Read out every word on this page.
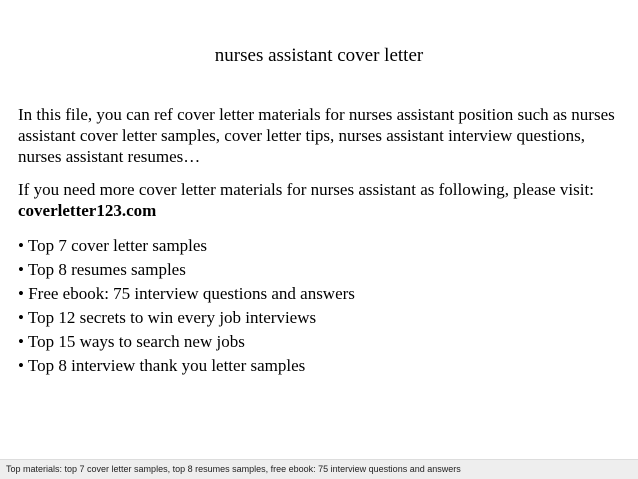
nurses assistant cover letter

In this file, you can ref cover letter materials for nurses assistant position such as nurses assistant cover letter samples, cover letter tips, nurses assistant interview questions, nurses assistant resumes…

If you need more cover letter materials for nurses assistant as following, please visit:
coverletter123.com

• Top 7 cover letter samples
• Top 8 resumes samples
• Free ebook: 75 interview questions and answers
• Top 12 secrets to win every job interviews
• Top 15 ways to search new jobs
• Top 8 interview thank you letter samples
Top materials: top 7 cover letter samples, top 8 resumes samples, free ebook: 75 interview questions and answers
